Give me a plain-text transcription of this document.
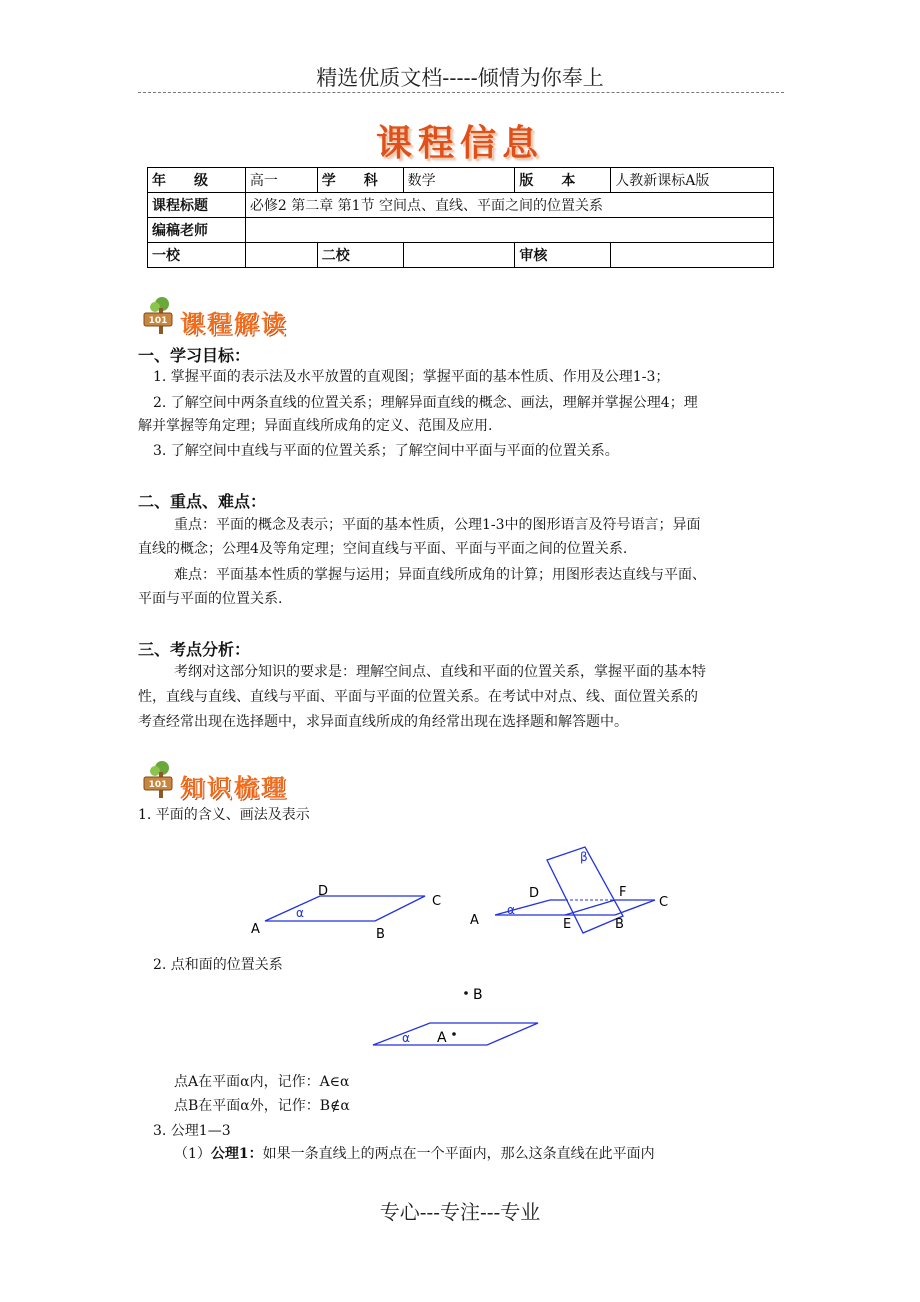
精选优质文档-----倾情为你奉上
课程信息
年　　级	高一	学　　科	数学	版　　本	人教新课标A版
课程标题	必修2 第二章 第1节 空间点、直线、平面之间的位置关系				
编稿老师					
一校		二校		审核	
101 课程解读
一、学习目标：
1. 掌握平面的表示法及水平放置的直观图；掌握平面的基本性质、作用及公理1-3；
2. 了解空间中两条直线的位置关系；理解异面直线的概念、画法，理解并掌握公理4；理
解并掌握等角定理；异面直线所成角的定义、范围及应用.
3. 了解空间中直线与平面的位置关系；了解空间中平面与平面的位置关系。
二、重点、难点：
重点：平面的概念及表示；平面的基本性质，公理1-3中的图形语言及符号语言；异面
直线的概念；公理4及等角定理；空间直线与平面、平面与平面之间的位置关系.
难点：平面基本性质的掌握与运用；异面直线所成角的计算；用图形表达直线与平面、
平面与平面的位置关系.
三、考点分析：
考纲对这部分知识的要求是：理解空间点、直线和平面的位置关系，掌握平面的基本特
性，直线与直线、直线与平面、平面与平面的位置关系。在考试中对点、线、面位置关系的
考查经常出现在选择题中，求异面直线所成的角经常出现在选择题和解答题中。
101 知识梳理
1. 平面的含义、画法及表示
A	B
C
D
α	A	B
C
D
E
F
α
β
2. 点和面的位置关系
B
A
α
点A在平面α内，记作：A∈α
点B在平面α外，记作：B∉α
3. 公理1—3
（1）公理1：如果一条直线上的两点在一个平面内，那么这条直线在此平面内
专心---专注---专业
